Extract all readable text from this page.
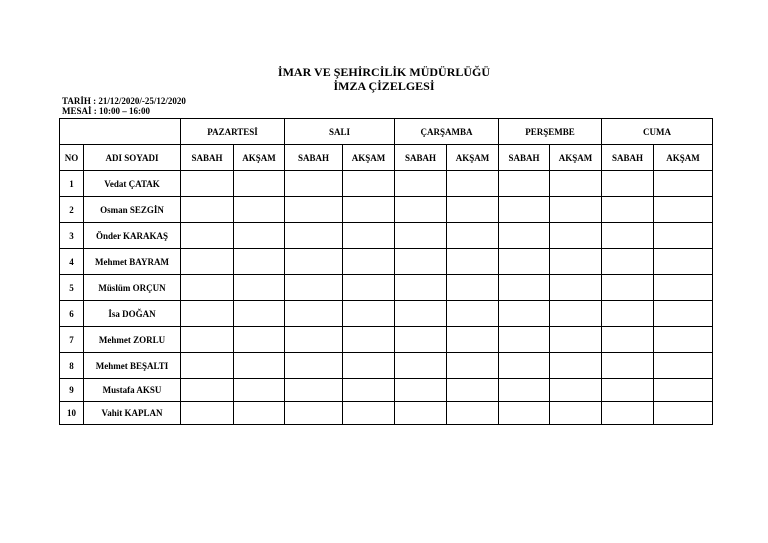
İMAR VE ŞEHİRCİLİK MÜDÜRLÜĞÜ
İMZA ÇİZELGESİ
TARİH : 21/12/2020/-25/12/2020
MESAİ : 10:00 – 16:00
		PAZARTESİ		SALI		ÇARŞAMBA		PERŞEMBE		CUMA	
NO	ADI SOYADI	SABAH	AKŞAM	SABAH	AKŞAM	SABAH	AKŞAM	SABAH	AKŞAM	SABAH	AKŞAM
1	Vedat ÇATAK										
2	Osman SEZGİN										
3	Önder KARAKAŞ										
4	Mehmet BAYRAM										
5	Müslüm ORÇUN										
6	İsa DOĞAN										
7	Mehmet ZORLU										
8	Mehmet BEŞALTI										
9	Mustafa AKSU										
10	Vahit KAPLAN										
